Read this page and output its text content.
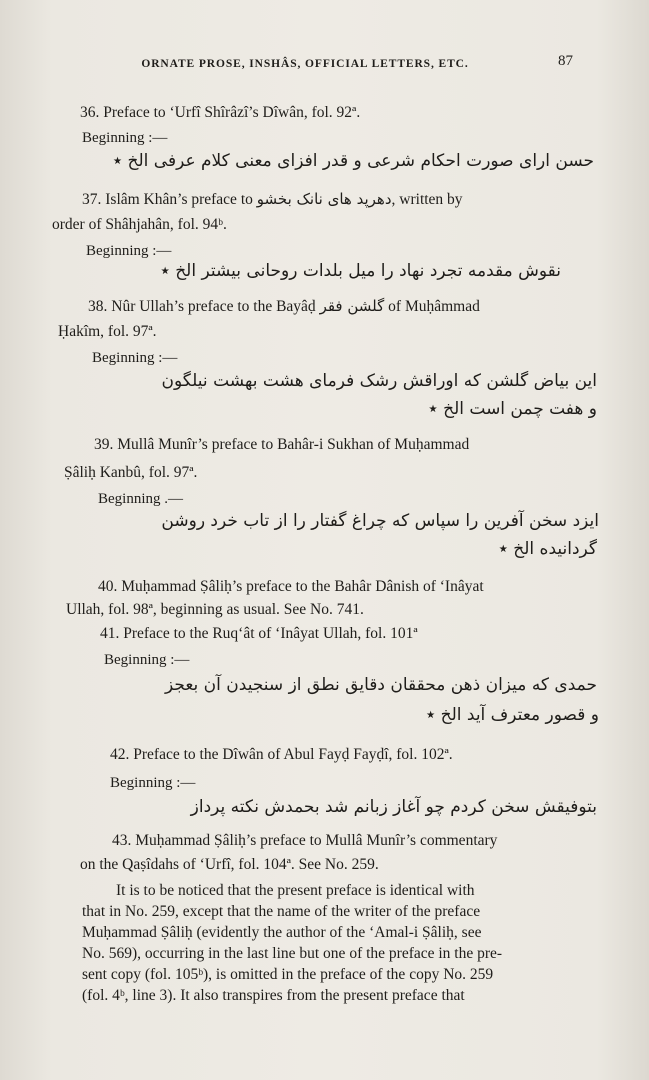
ORNATE PROSE, INSHÂS, OFFICIAL LETTERS, ETC.	87
36. Preface to ‘Urfî Shîrâzî’s Dîwân, fol. 92ª.
Beginning :—
حسن ارای صورت احکام شرعی و قدر افزای معنی کلام عرفی الخ ٭
37. Islâm Khân’s preface to دهرپد های نانک بخشو, written by
order of Shâhjahân, fol. 94ᵇ.
Beginning :—
نقوش مقدمه تجرد نهاد را میل بلدات روحانی بیشتر الخ ٭
38. Nûr Ullah’s preface to the Bayâḍ گلشن فقر of Muḥâmmad
Ḥakîm, fol. 97ª.
Beginning :—
این بیاض گلشن که اوراقش رشک فرمای هشت بهشت نیلگون
و هفت چمن است الخ ٭
39. Mullâ Munîr’s preface to Bahâr-i Sukhan of Muḥammad
Ṣâliḥ Kanbû, fol. 97ª.
Beginning .—
ایزد سخن آفرین را سپاس که چراغ گفتار را از تاب خرد روشن
گردانیده الخ ٭
40. Muḥammad Ṣâliḥ’s preface to the Bahâr Dânish of ‘Inâyat
Ullah, fol. 98ª, beginning as usual. See No. 741.
41. Preface to the Ruq‘ât of ‘Inâyat Ullah, fol. 101ª
Beginning :—
حمدی که میزان ذهن محققان دقایق نطق از سنجیدن آن بعجز
و قصور معترف آید الخ ٭
42. Preface to the Dîwân of Abul Fayḍ Fayḍî, fol. 102ª.
Beginning :—
بتوفیقش سخن کردم چو آغاز زبانم شد بحمدش نکته پرداز
43. Muḥammad Ṣâliḥ’s preface to Mullâ Munîr’s commentary
on the Qaṣîdahs of ‘Urfî, fol. 104ª. See No. 259.
It is to be noticed that the present preface is identical with
that in No. 259, except that the name of the writer of the preface
Muḥammad Ṣâliḥ (evidently the author of the ‘Amal-i Ṣâliḥ, see
No. 569), occurring in the last line but one of the preface in the pre-
sent copy (fol. 105ᵇ), is omitted in the preface of the copy No. 259
(fol. 4ᵇ, line 3). It also transpires from the present preface that
